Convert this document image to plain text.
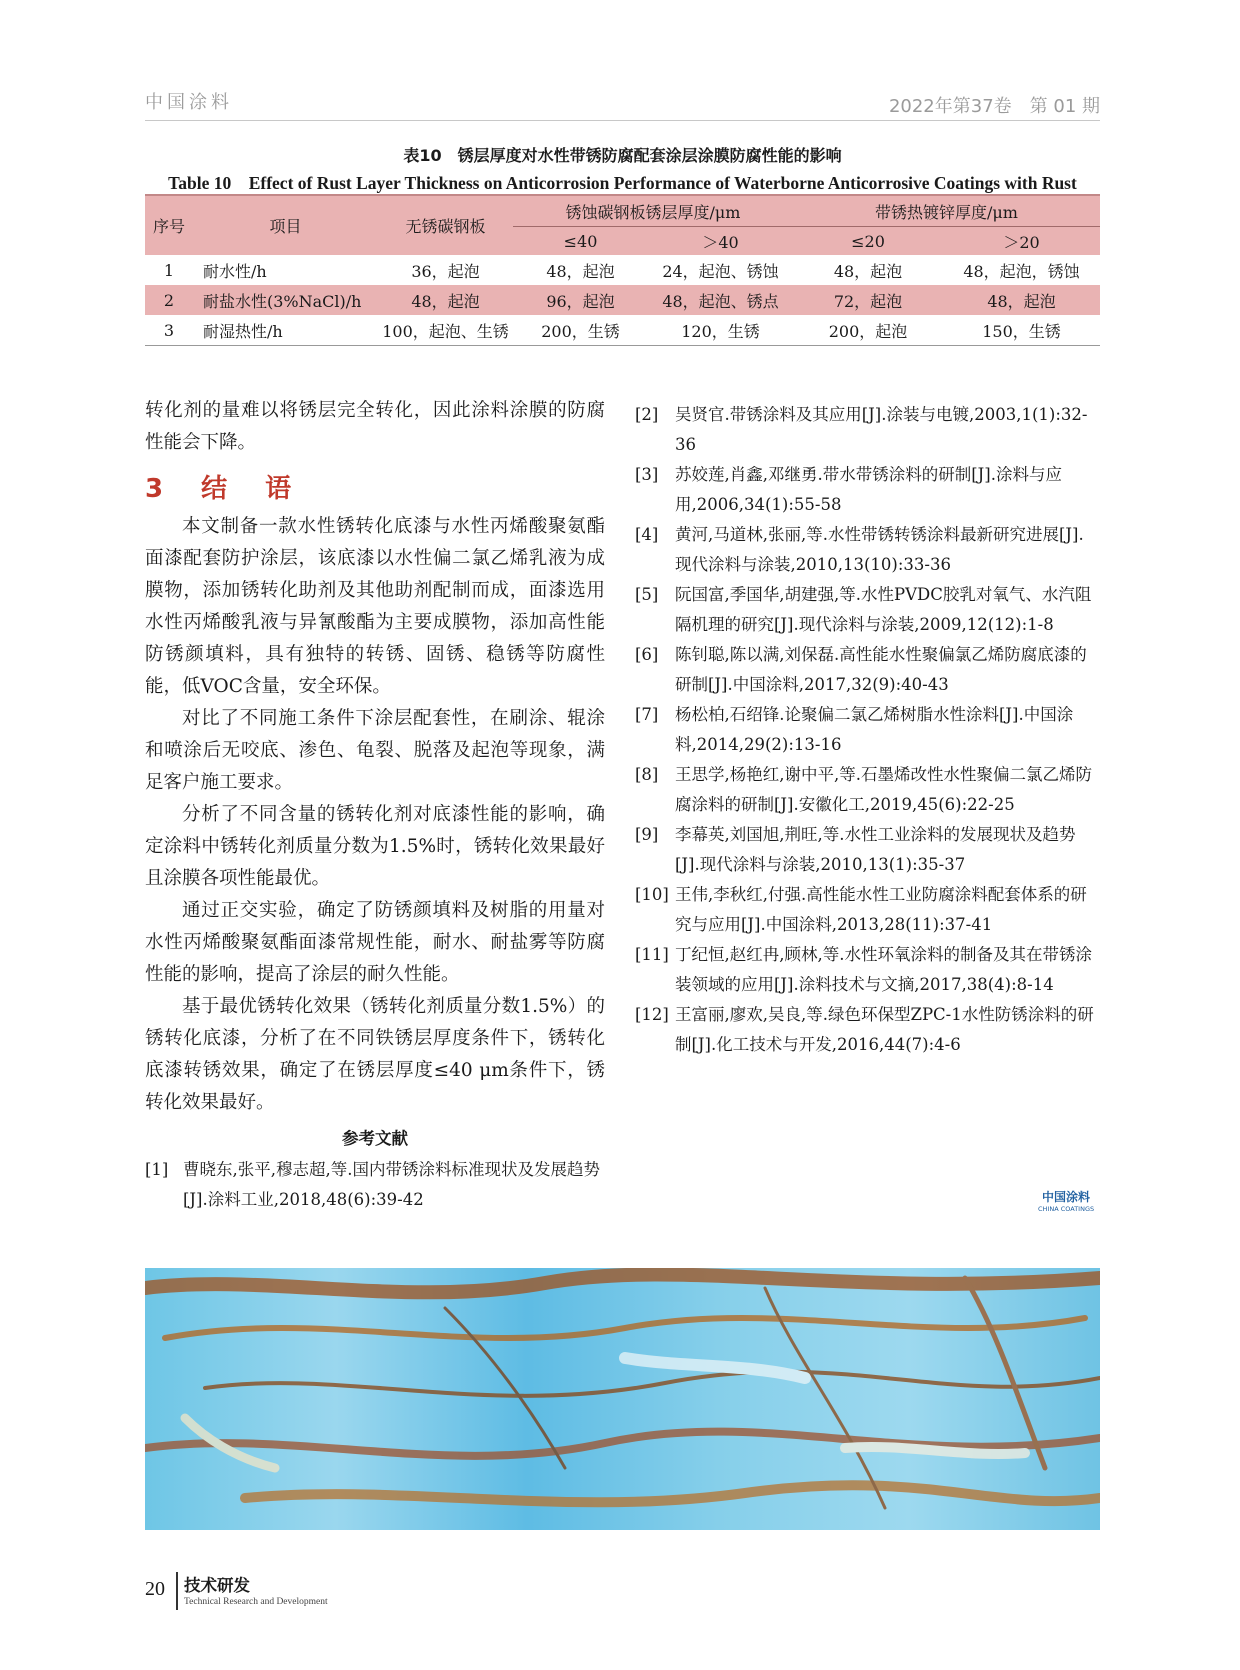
中国涂料	2022年第37卷　第 01 期
表10　锈层厚度对水性带锈防腐配套涂层涂膜防腐性能的影响
Table 10　Effect of Rust Layer Thickness on Anticorrosion Performance of Waterborne Anticorrosive Coatings with Rust
序号	项目	无锈碳钢板	锈蚀碳钢板锈层厚度/μm		带锈热镀锌厚度/μm	
			≤40	＞40	≤20	＞20
1	耐水性/h	36，起泡	48，起泡	24，起泡、锈蚀	48，起泡	48，起泡，锈蚀
2	耐盐水性(3%NaCl)/h	48，起泡	96，起泡	48，起泡、锈点	72，起泡	48，起泡
3	耐湿热性/h	100，起泡、生锈	200，生锈	120，生锈	200，起泡	150，生锈

转化剂的量难以将锈层完全转化，因此涂料涂膜的防腐性能会下降。

3　结　语

本文制备一款水性锈转化底漆与水性丙烯酸聚氨酯面漆配套防护涂层，该底漆以水性偏二氯乙烯乳液为成膜物，添加锈转化助剂及其他助剂配制而成，面漆选用水性丙烯酸乳液与异氰酸酯为主要成膜物，添加高性能防锈颜填料，具有独特的转锈、固锈、稳锈等防腐性能，低VOC含量，安全环保。

对比了不同施工条件下涂层配套性，在刷涂、辊涂和喷涂后无咬底、渗色、龟裂、脱落及起泡等现象，满足客户施工要求。

分析了不同含量的锈转化剂对底漆性能的影响，确定涂料中锈转化剂质量分数为1.5%时，锈转化效果最好且涂膜各项性能最优。

通过正交实验，确定了防锈颜填料及树脂的用量对水性丙烯酸聚氨酯面漆常规性能，耐水、耐盐雾等防腐性能的影响，提高了涂层的耐久性能。

基于最优锈转化效果（锈转化剂质量分数1.5%）的锈转化底漆，分析了在不同铁锈层厚度条件下，锈转化底漆转锈效果，确定了在锈层厚度≤40 μm条件下，锈转化效果最好。

参考文献
[1] 曹晓东,张平,穆志超,等.国内带锈涂料标准现状及发展趋势[J].涂料工业,2018,48(6):39-42
[2]	吴贤官.带锈涂料及其应用[J].涂装与电镀,2003,1(1):32-36
[3]	苏姣莲,肖鑫,邓继勇.带水带锈涂料的研制[J].涂料与应用,2006,34(1):55-58
[4]	黄河,马道林,张丽,等.水性带锈转锈涂料最新研究进展[J].现代涂料与涂装,2010,13(10):33-36
[5]	阮国富,季国华,胡建强,等.水性PVDC胶乳对氧气、水汽阻隔机理的研究[J].现代涂料与涂装,2009,12(12):1-8
[6]	陈钊聪,陈以满,刘保磊.高性能水性聚偏氯乙烯防腐底漆的研制[J].中国涂料,2017,32(9):40-43
[7]	杨松柏,石绍锋.论聚偏二氯乙烯树脂水性涂料[J].中国涂料,2014,29(2):13-16
[8]	王思学,杨艳红,谢中平,等.石墨烯改性水性聚偏二氯乙烯防腐涂料的研制[J].安徽化工,2019,45(6):22-25
[9]	李幕英,刘国旭,荆旺,等.水性工业涂料的发展现状及趋势[J].现代涂料与涂装,2010,13(1):35-37
[10] 王伟,李秋红,付强.高性能水性工业防腐涂料配套体系的研究与应用[J].中国涂料,2013,28(11):37-41
[11] 丁纪恒,赵红冉,顾林,等.水性环氧涂料的制备及其在带锈涂装领域的应用[J].涂料技术与文摘,2017,38(4):8-14
[12] 王富丽,廖欢,吴良,等.绿色环保型ZPC-1水性防锈涂料的研制[J].化工技术与开发,2016,44(7):4-6
中国涂料
CHINA COATINGS
20 技术研发
Technical Research and Development
